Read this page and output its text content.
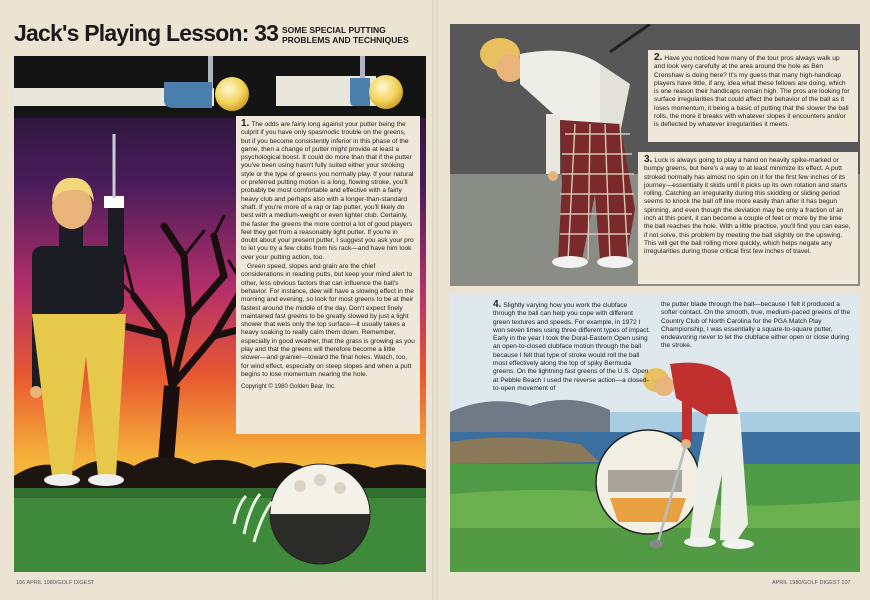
Jack's Playing Lesson: 33 SOME SPECIAL PUTTING PROBLEMS AND TECHNIQUES

1. The odds are fairly long against your putter being the culprit if you have only spasmodic trouble on the greens, but if you become consistently inferior in this phase of the game, then a change of putter might provide at least a psychological boost. It could do more than that if the putter you've been using hasn't fully suited either your stroking style or the type of greens you normally play. If your natural or preferred putting motion is a long, flowing stroke, you'll probably be most comfortable and effective with a fairly heavy club and perhaps also with a longer-than-standard shaft. If you're more of a rap or tap putter, you'll likely do best with a medium-weight or even lighter club. Certainly, the faster the greens the more control a lot of good players feel they get from a reasonably light putter. If you're in doubt about your present putter, I suggest you ask your pro to let you try a few clubs from his rack—and have him look over your putting action, too.

Green speed, slopes and grain are the chief considerations in reading putts, but keep your mind alert to other, less obvious factors that can influence the ball's behavior. For instance, dew will have a slowing effect in the morning and evening, so look for most greens to be at their fastest around the middle of the day. Don't expect finely maintained fast greens to be greatly slowed by just a light shower that wets only the top surface—it usually takes a heavy soaking to really calm them down. Remember, especially in good weather, that the grass is growing as you play and that the greens will therefore become a little slower—and grainier—toward the final holes. Watch, too, for wind effect, especially on steep slopes and when a putt begins to lose momentum nearing the hole.

Copyright © 1980 Golden Bear, Inc.

2. Have you noticed how many of the tour pros always walk up and look very carefully at the area around the hole as Ben Crenshaw is doing here? It's my guess that many high-handicap players have little, if any, idea what these fellows are doing, which is one reason their handicaps remain high. The pros are looking for surface irregularities that could affect the behavior of the ball as it loses momentum, it being a basic of putting that the slower the ball rolls, the more it breaks with whatever slopes it encounters and/or is deflected by whatever irregularities it meets.

3. Luck is always going to play a hand on heavily spike-marked or bumpy greens, but here's a way to at least minimize its effect. A putt stroked normally has almost no spin on it for the first few inches of its journey—essentially it skids until it picks up its own rotation and starts rolling. Catching an irregularity during this skidding or sliding period seems to knock the ball off line more easily than after it has begun spinning, and even though the deviation may be only a fraction of an inch at this point, it can become a couple of feet or more by the time the ball reaches the hole. With a little practice, you'll find you can ease, if not solve, this problem by meeting the ball slightly on the upswing. This will get the ball rolling more quickly, which helps negate any irregularities during those critical first few inches of travel.

4. Slightly varying how you work the clubface through the ball can help you cope with different green textures and speeds. For example, in 1972 I won seven times using three different types of impact. Early in the year I took the Doral-Eastern Open using an open-to-closed clubface motion through the ball because I felt that type of stroke would roll the ball most effectively along the top of spiky Bermuda greens. On the lightning fast greens of the U.S. Open at Pebble Beach I used the reverse action—a closed-to-open movement of

the putter blade through the ball—because I felt it produced a softer contact. On the smooth, true, medium-paced greens of the Country Club of North Carolina for the PGA Match Play Championship, I was essentially a square-to-square putter, endeavoring never to let the clubface either open or close during the stroke.

106 APRIL 1980/GOLF DIGEST	APRIL 1980/GOLF DIGEST 107
